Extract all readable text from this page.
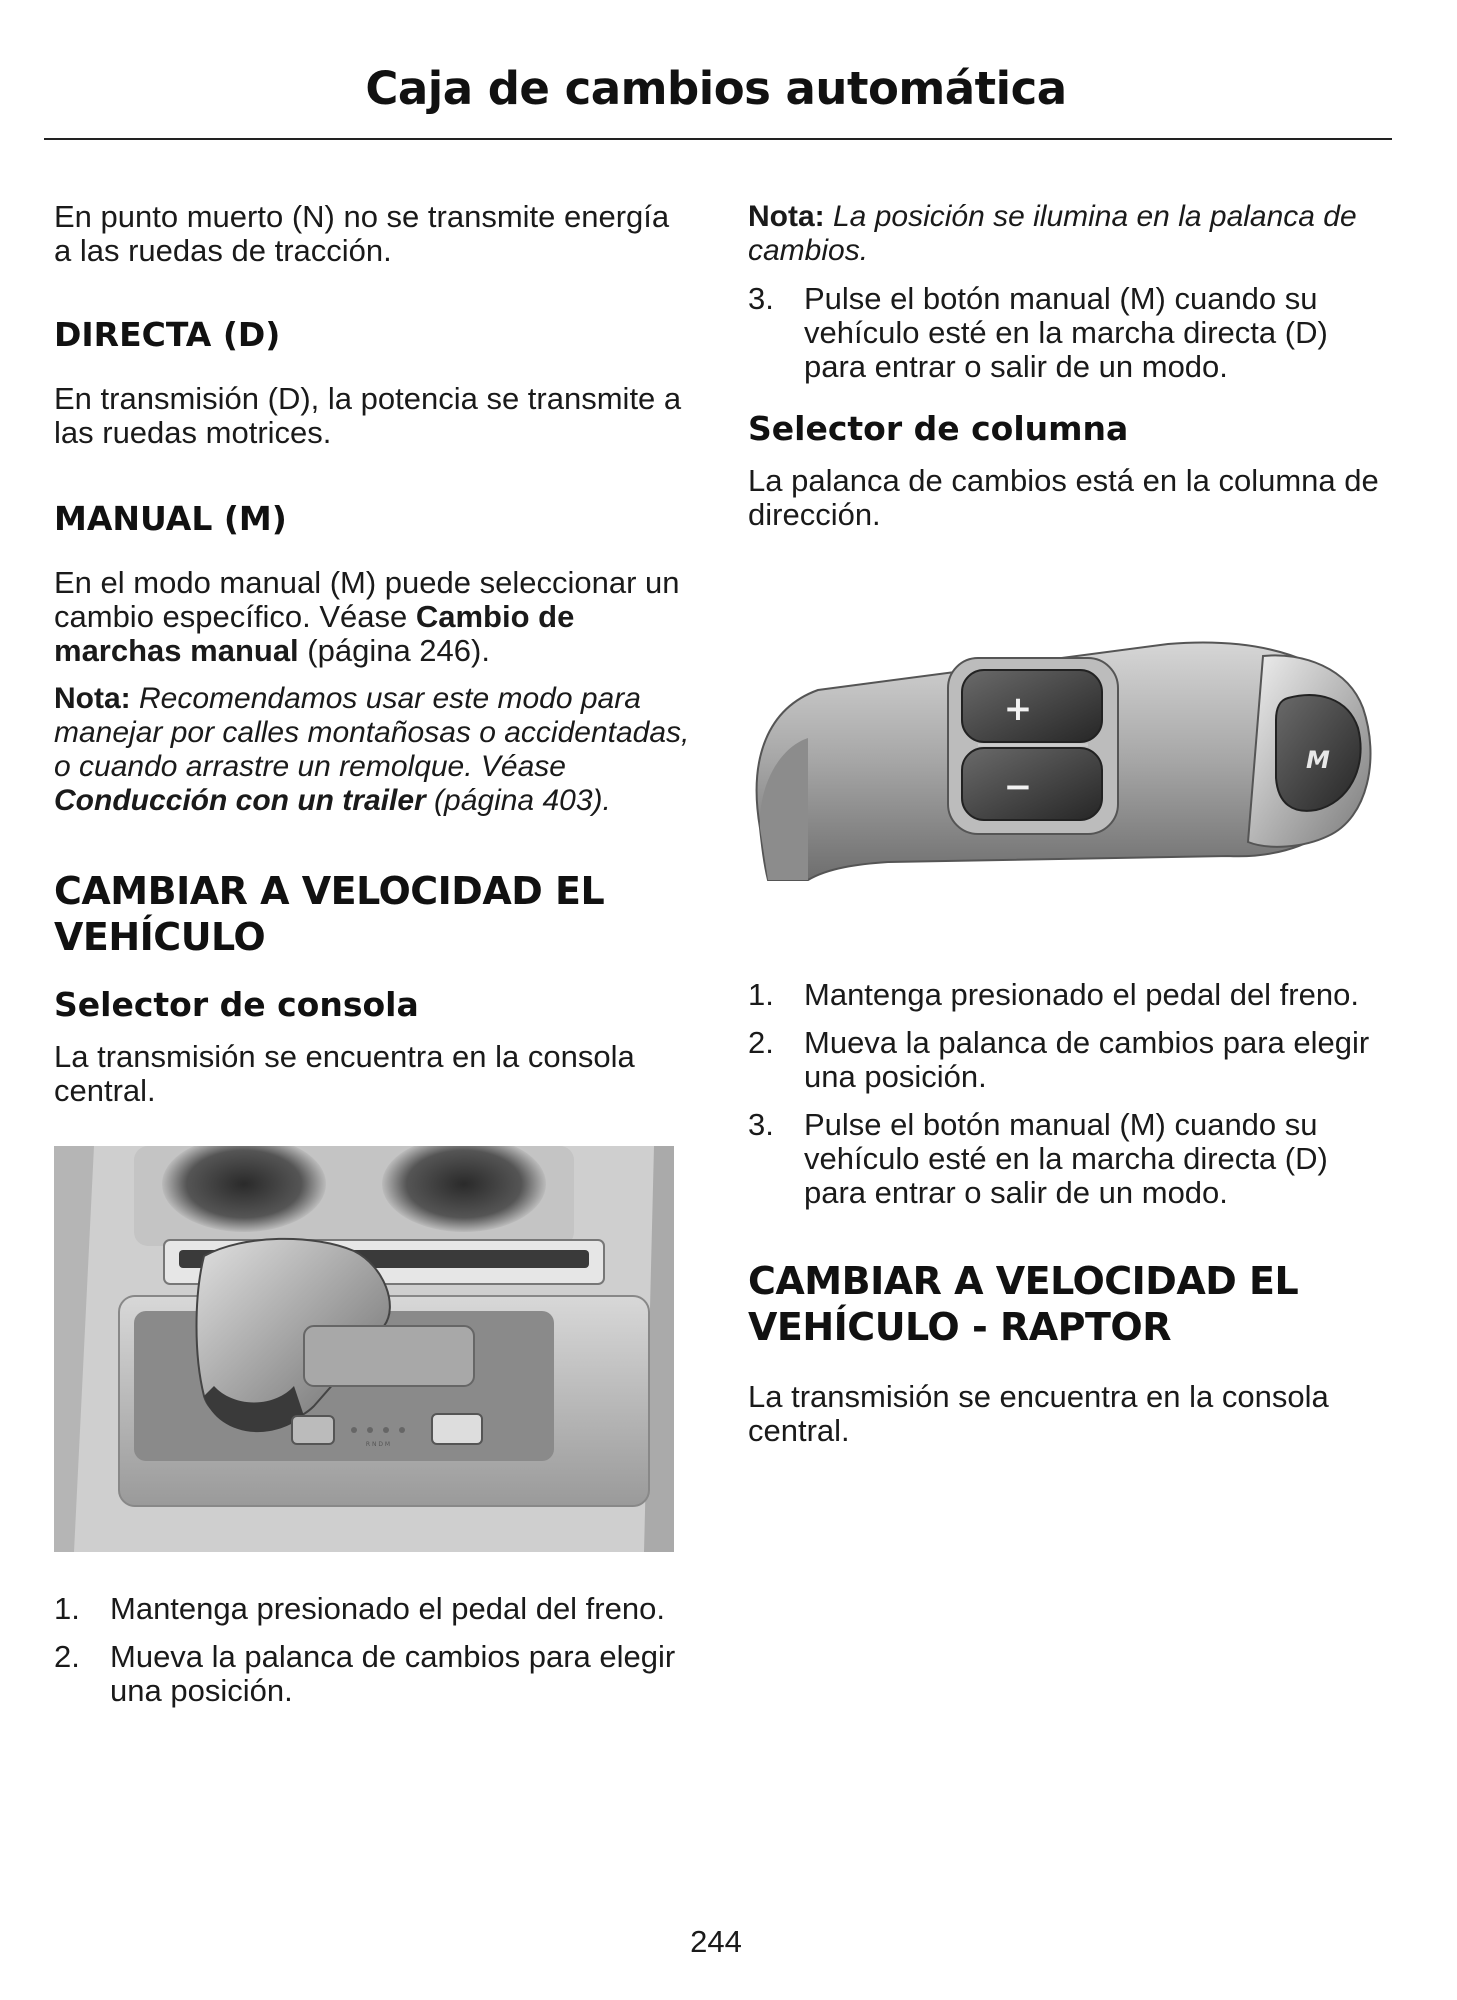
Caja de cambios automática

En punto muerto (N) no se transmite energía a las ruedas de tracción.

DIRECTA (D)

En transmisión (D), la potencia se transmite a las ruedas motrices.

MANUAL (M)

En el modo manual (M) puede seleccionar un cambio específico. Véase Cambio de marchas manual (página 246).

Nota: Recomendamos usar este modo para manejar por calles montañosas o accidentadas, o cuando arrastre un remolque. Véase Conducción con un trailer (página 403).

CAMBIAR A VELOCIDAD EL VEHÍCULO
Selector de consola

La transmisión se encuentra en la consola central.

R N D M
1. Mantenga presionado el pedal del freno.
2. Mueva la palanca de cambios para elegir una posición.

Nota: La posición se ilumina en la palanca de cambios.

3. Pulse el botón manual (M) cuando su vehículo esté en la marcha directa (D) para entrar o salir de un modo.
Selector de columna

La palanca de cambios está en la columna de dirección.

M
+
−
1. Mantenga presionado el pedal del freno.
2. Mueva la palanca de cambios para elegir una posición.
3. Pulse el botón manual (M) cuando su vehículo esté en la marcha directa (D) para entrar o salir de un modo.
CAMBIAR A VELOCIDAD EL VEHÍCULO - RAPTOR

La transmisión se encuentra en la consola central.

244
